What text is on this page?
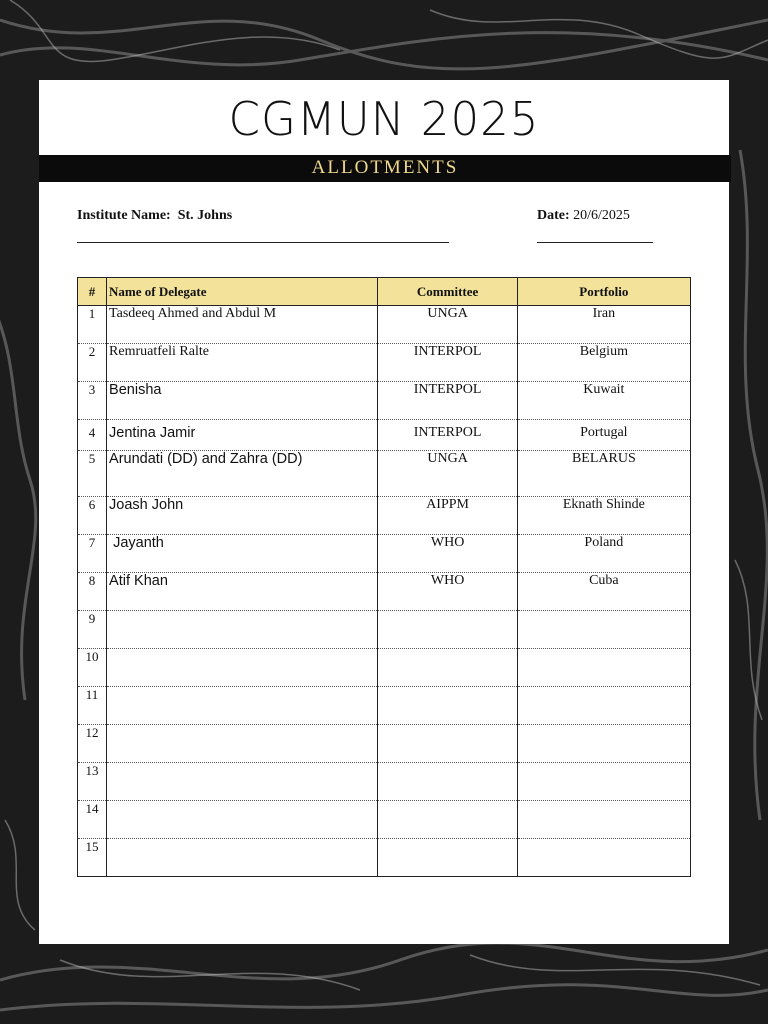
CGMUN 2025
ALLOTMENTS
Institute Name: St. Johns	Date: 20/6/2025
#	Name of Delegate	Committee	Portfolio
1	Tasdeeq Ahmed and Abdul M	UNGA	Iran
2	Remruatfeli Ralte	INTERPOL	Belgium
3	Benisha	INTERPOL	Kuwait
4	Jentina Jamir	INTERPOL	Portugal
5	Arundati (DD) and Zahra (DD)	UNGA	BELARUS
6	Joash John	AIPPM	Eknath Shinde
7	Jayanth	WHO	Poland
8	Atif Khan	WHO	Cuba
9			
10			
11			
12			
13			
14			
15			
